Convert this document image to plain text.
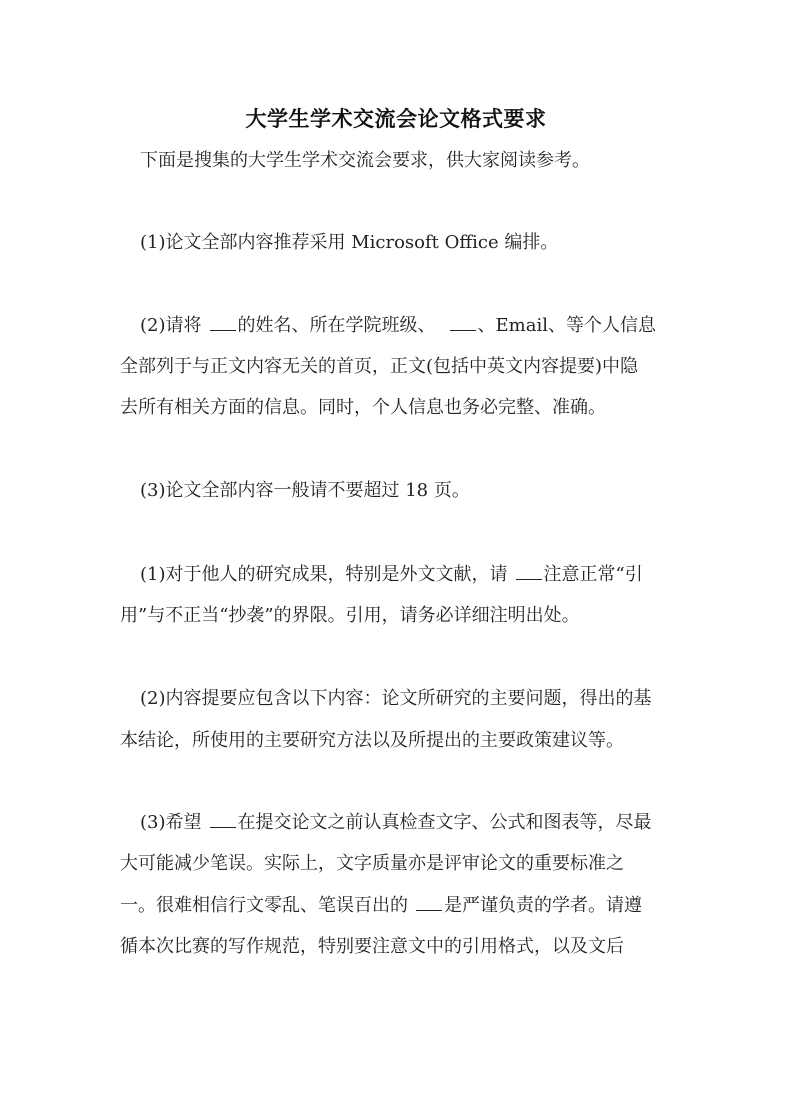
大学生学术交流会论文格式要求
下面是搜集的大学生学术交流会要求，供大家阅读参考。
(1)论文全部内容推荐采用 Microsoft Office 编排。
(2)请将 的姓名、所在学院班级、 、Email、等个人信息
全部列于与正文内容无关的首页，正文(包括中英文内容提要)中隐
去所有相关方面的信息。同时，个人信息也务必完整、准确。
(3)论文全部内容一般请不要超过 18 页。
(1)对于他人的研究成果，特别是外文文献，请 注意正常“引
用”与不正当“抄袭”的界限。引用，请务必详细注明出处。
(2)内容提要应包含以下内容：论文所研究的主要问题，得出的基
本结论，所使用的主要研究方法以及所提出的主要政策建议等。
(3)希望 在提交论文之前认真检查文字、公式和图表等，尽最
大可能减少笔误。实际上，文字质量亦是评审论文的重要标准之
一。很难相信行文零乱、笔误百出的 是严谨负责的学者。请遵
循本次比赛的写作规范，特别要注意文中的引用格式，以及文后
